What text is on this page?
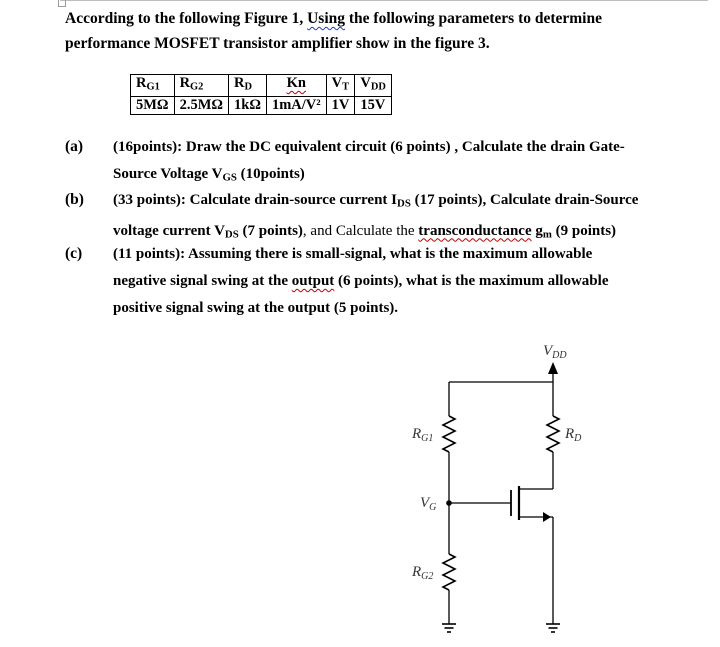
According to the following Figure 1, Using the following parameters to determine
performance MOSFET transistor amplifier show in the figure 3.

$R_{G1}$	$R_{G2}$	$R_D$	Kn	$V_T$	$V_{DD}$
5MΩ	2.5MΩ	1kΩ	1mA/V²	1V	15V
(a) (16points): Draw the DC equivalent circuit (6 points) , Calculate the drain Gate-
Source Voltage $V_{GS}$ (10points)

(b) (33 points): Calculate drain-source current $I_{DS}$ (17 points), Calculate drain-Source
voltage current $V_{DS}$ (7 points), and Calculate the transconductance $g_m$ (9 points)

(c) (11 points): Assuming there is small-signal, what is the maximum allowable
negative signal swing at the output (6 points), what is the maximum allowable
positive signal swing at the output (5 points).

$V_{DD}$
$R_{G1}$	$R_D$
$V_G$
$R_{G2}$
